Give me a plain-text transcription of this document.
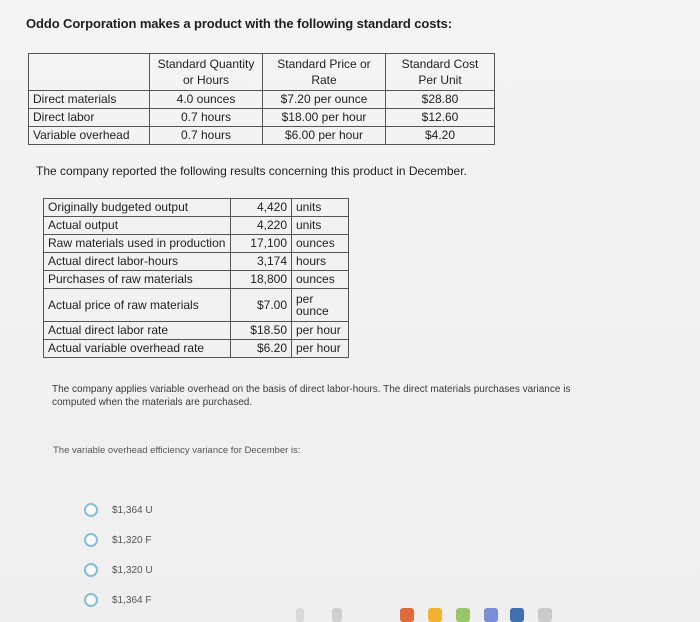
Oddo Corporation makes a product with the following standard costs:
	Standard Quantity or Hours	Standard Price or Rate	Standard Cost Per Unit
Direct materials	4.0 ounces	$7.20 per ounce	$28.80
Direct labor	0.7 hours	$18.00 per hour	$12.60
Variable overhead	0.7 hours	$6.00 per hour	$4.20
The company reported the following results concerning this product in December.
Originally budgeted output	4,420	units
Actual output	4,220	units
Raw materials used in production	17,100	ounces
Actual direct labor-hours	3,174	hours
Purchases of raw materials	18,800	ounces
Actual price of raw materials	$7.00	per
ounce

Actual direct labor rate	$18.50	per hour
Actual variable overhead rate	$6.20	per hour
The company applies variable overhead on the basis of direct labor-hours. The direct materials purchases variance is computed when the materials are purchased.
The variable overhead efficiency variance for December is:
$1,364 U
$1,320 F
$1,320 U
$1,364 F
